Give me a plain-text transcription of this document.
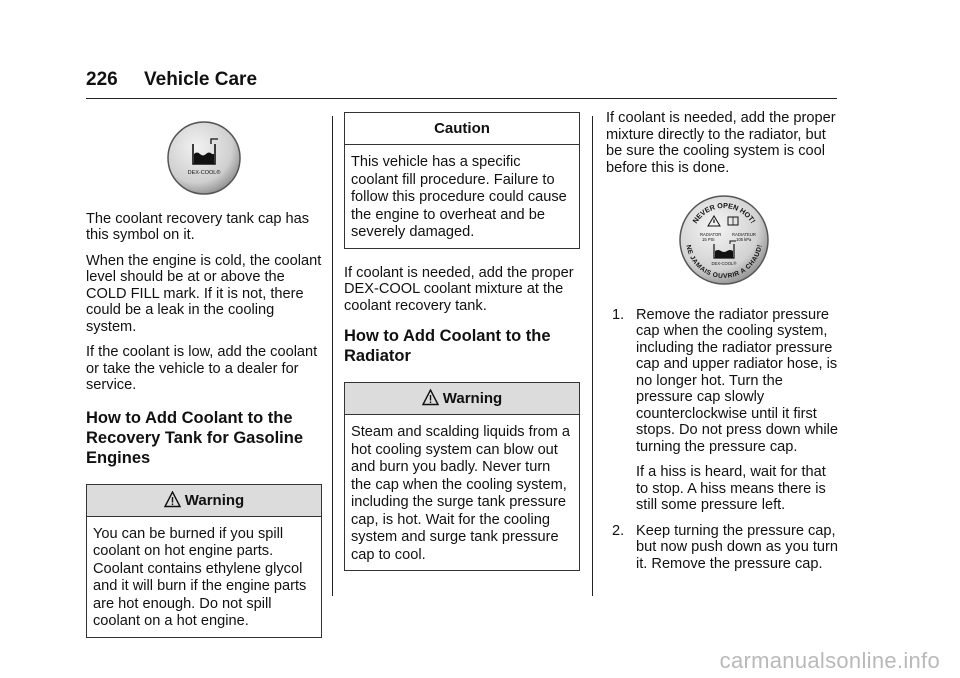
226 Vehicle Care
DEX-COOL®

The coolant recovery tank cap has this symbol on it.

When the engine is cold, the coolant level should be at or above the COLD FILL mark. If it is not, there could be a leak in the cooling system.

If the coolant is low, add the coolant or take the vehicle to a dealer for service.

How to Add Coolant to the Recovery Tank for Gasoline Engines
Warning
You can be burned if you spill
coolant on hot engine parts.
Coolant contains ethylene glycol
and it will burn if the engine parts
are hot enough. Do not spill
coolant on a hot engine.
Caution
This vehicle has a specific
coolant fill procedure. Failure to
follow this procedure could cause
the engine to overheat and be
severely damaged.

If coolant is needed, add the proper DEX-COOL coolant mixture at the coolant recovery tank.

How to Add Coolant to the Radiator
Warning
Steam and scalding liquids from a
hot cooling system can blow out
and burn you badly. Never turn
the cap when the cooling system,
including the surge tank pressure
cap, is hot. Wait for the cooling
system and surge tank pressure
cap to cool.

If coolant is needed, add the proper mixture directly to the radiator, but be sure the cooling system is cool before this is done.

NEVER OPEN HOT!
NE JAMAIS OUVRIR A CHAUD!
RADIATOR
15 PSI
RADIATEUR
105 kPa
DEX-COOL®
1. Remove the radiator pressure cap when the cooling system, including the radiator pressure cap and upper radiator hose, is no longer hot. Turn the pressure cap slowly counterclockwise until it first stops. Do not press down while turning the pressure cap.

If a hiss is heard, wait for that to stop. A hiss means there is still some pressure left.

2. Keep turning the pressure cap, but now push down as you turn it. Remove the pressure cap.

carmanualsonline.info
